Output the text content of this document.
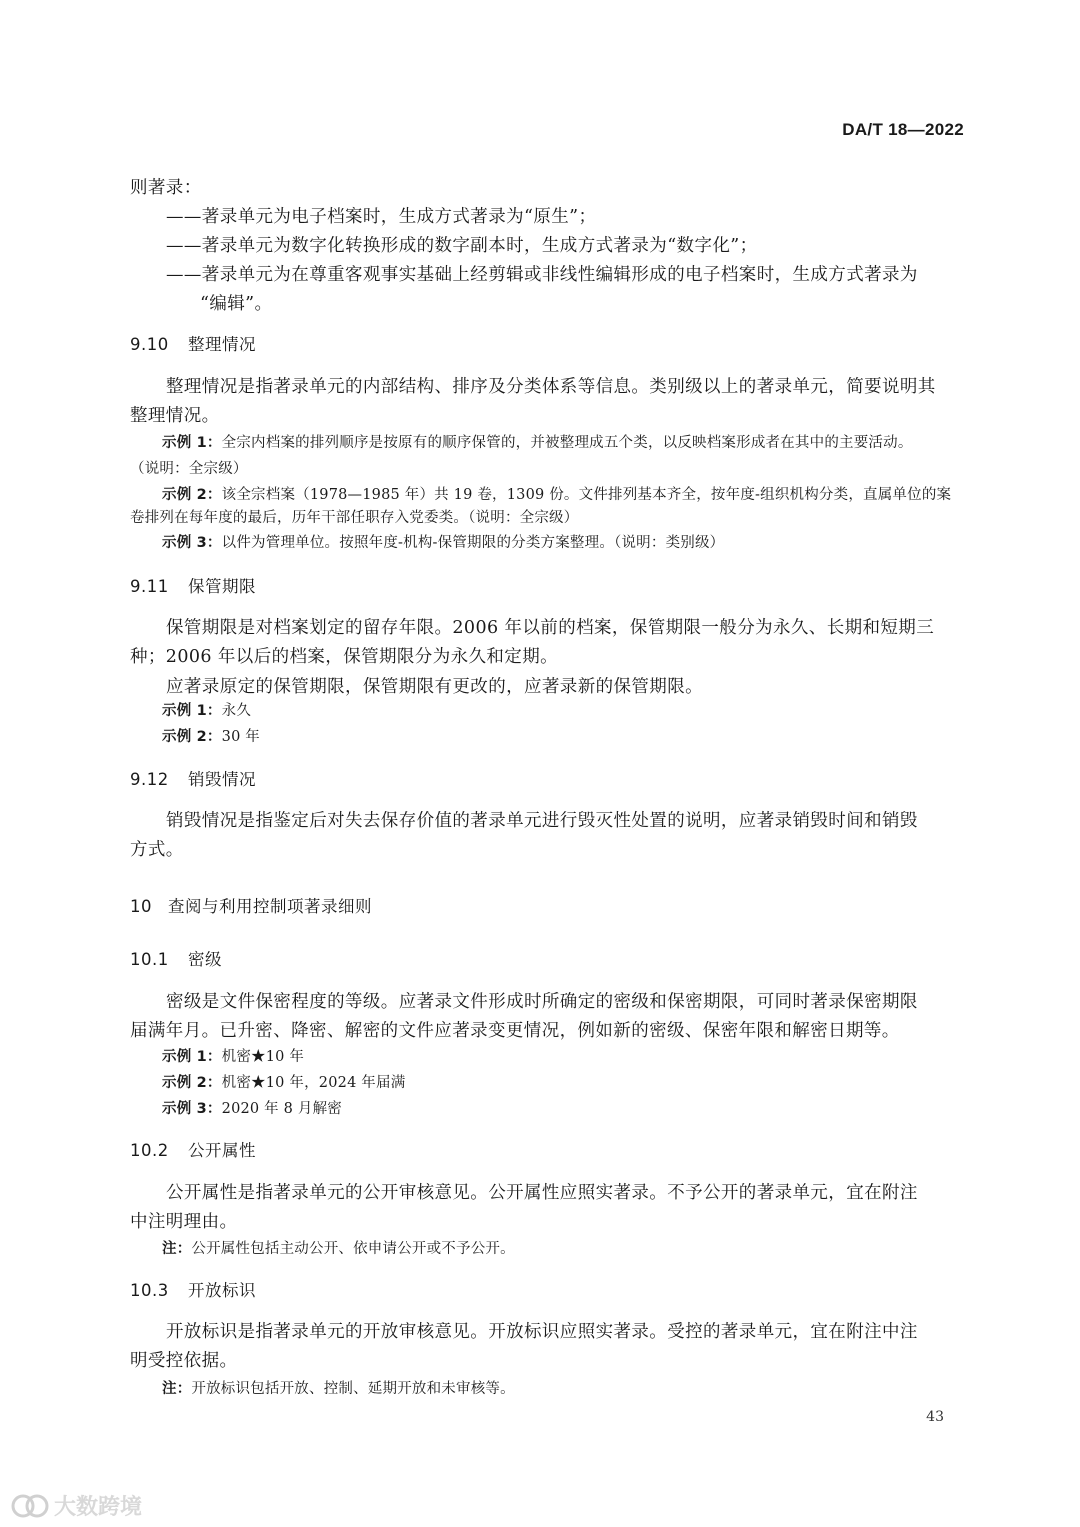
DA/T 18—2022
则著录：
——著录单元为电子档案时，生成方式著录为“原生”；
——著录单元为数字化转换形成的数字副本时，生成方式著录为“数字化”；
——著录单元为在尊重客观事实基础上经剪辑或非线性编辑形成的电子档案时，生成方式著录为
“编辑”。
9.10 整理情况
整理情况是指著录单元的内部结构、排序及分类体系等信息。类别级以上的著录单元，简要说明其
整理情况。
示例 1：全宗内档案的排列顺序是按原有的顺序保管的，并被整理成五个类，以反映档案形成者在其中的主要活动。
（说明：全宗级）
示例 2：该全宗档案（1978—1985 年）共 19 卷，1309 份。文件排列基本齐全，按年度-组织机构分类，直属单位的案
卷排列在每年度的最后，历年干部任职存入党委类。（说明：全宗级）
示例 3：以件为管理单位。按照年度-机构-保管期限的分类方案整理。（说明：类别级）
9.11 保管期限
保管期限是对档案划定的留存年限。2006 年以前的档案，保管期限一般分为永久、长期和短期三
种；2006 年以后的档案，保管期限分为永久和定期。
应著录原定的保管期限，保管期限有更改的，应著录新的保管期限。
示例 1：永久
示例 2：30 年
9.12 销毁情况
销毁情况是指鉴定后对失去保存价值的著录单元进行毁灭性处置的说明，应著录销毁时间和销毁
方式。
10 查阅与利用控制项著录细则
10.1 密级
密级是文件保密程度的等级。应著录文件形成时所确定的密级和保密期限，可同时著录保密期限
届满年月。已升密、降密、解密的文件应著录变更情况，例如新的密级、保密年限和解密日期等。
示例 1：机密★10 年
示例 2：机密★10 年，2024 年届满
示例 3：2020 年 8 月解密
10.2 公开属性
公开属性是指著录单元的公开审核意见。公开属性应照实著录。不予公开的著录单元，宜在附注
中注明理由。
注：公开属性包括主动公开、依申请公开或不予公开。
10.3 开放标识
开放标识是指著录单元的开放审核意见。开放标识应照实著录。受控的著录单元，宜在附注中注
明受控依据。
注：开放标识包括开放、控制、延期开放和未审核等。
43
大数跨境
